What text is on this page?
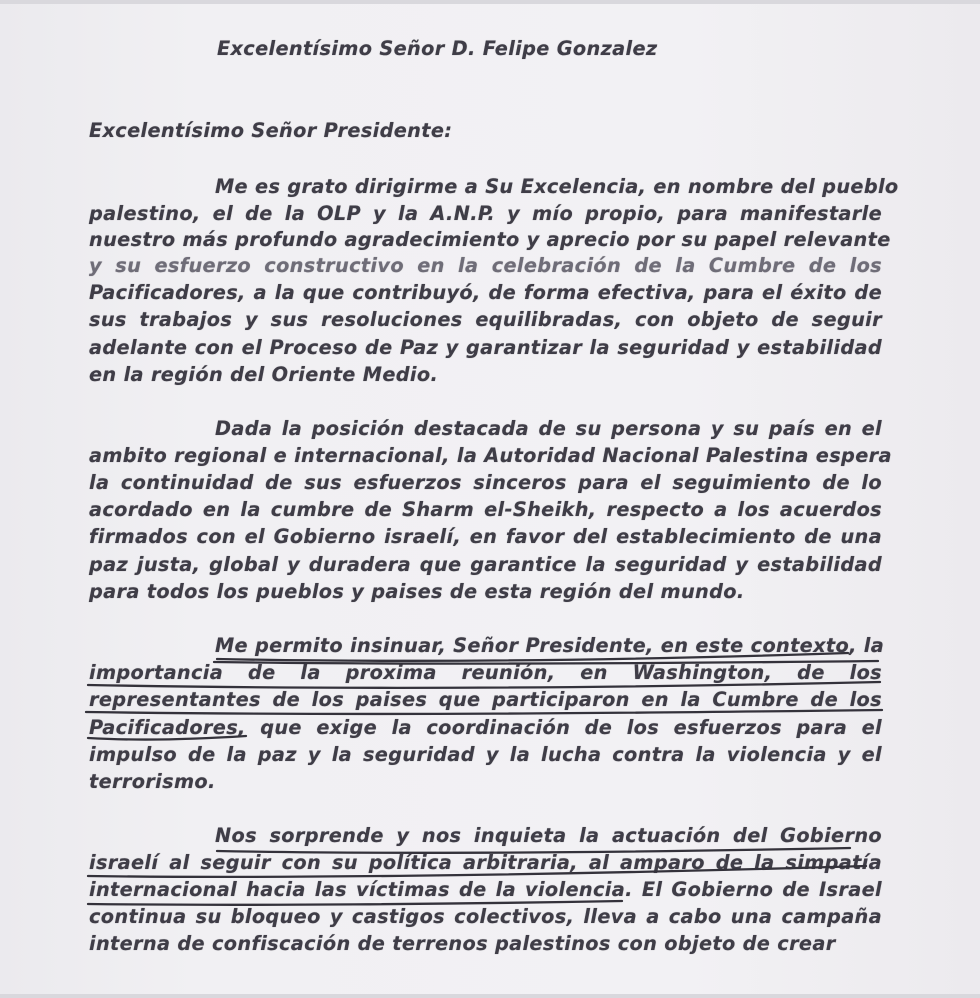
Excelentísimo Señor D. Felipe Gonzalez
Excelentísimo Señor Presidente:
Me es grato dirigirme a Su Excelencia, en nombre del pueblo
palestino, el de la OLP y la A.N.P. y mío propio, para manifestarle
nuestro más profundo agradecimiento y aprecio por su papel relevante
y su esfuerzo constructivo en la celebración de la Cumbre de los
Pacificadores, a la que contribuyó, de forma efectiva, para el éxito de
sus trabajos y sus resoluciones equilibradas, con objeto de seguir
adelante con el Proceso de Paz y garantizar la seguridad y estabilidad
en la región del Oriente Medio.
Dada la posición destacada de su persona y su país en el
ambito regional e internacional, la Autoridad Nacional Palestina espera
la continuidad de sus esfuerzos sinceros para el seguimiento de lo
acordado en la cumbre de Sharm el-Sheikh, respecto a los acuerdos
firmados con el Gobierno israelí, en favor del establecimiento de una
paz justa, global y duradera que garantice la seguridad y estabilidad
para todos los pueblos y paises de esta región del mundo.
Me permito insinuar, Señor Presidente, en este contexto, la
importancia de la proxima reunión, en Washington, de los
representantes de los paises que participaron en la Cumbre de los
Pacificadores, que exige la coordinación de los esfuerzos para el
impulso de la paz y la seguridad y la lucha contra la violencia y el
terrorismo.
Nos sorprende y nos inquieta la actuación del Gobierno
israelí al seguir con su política arbitraria, al amparo de la simpatía
internacional hacia las víctimas de la violencia. El Gobierno de Israel
continua su bloqueo y castigos colectivos, lleva a cabo una campaña
interna de confiscación de terrenos palestinos con objeto de crear
